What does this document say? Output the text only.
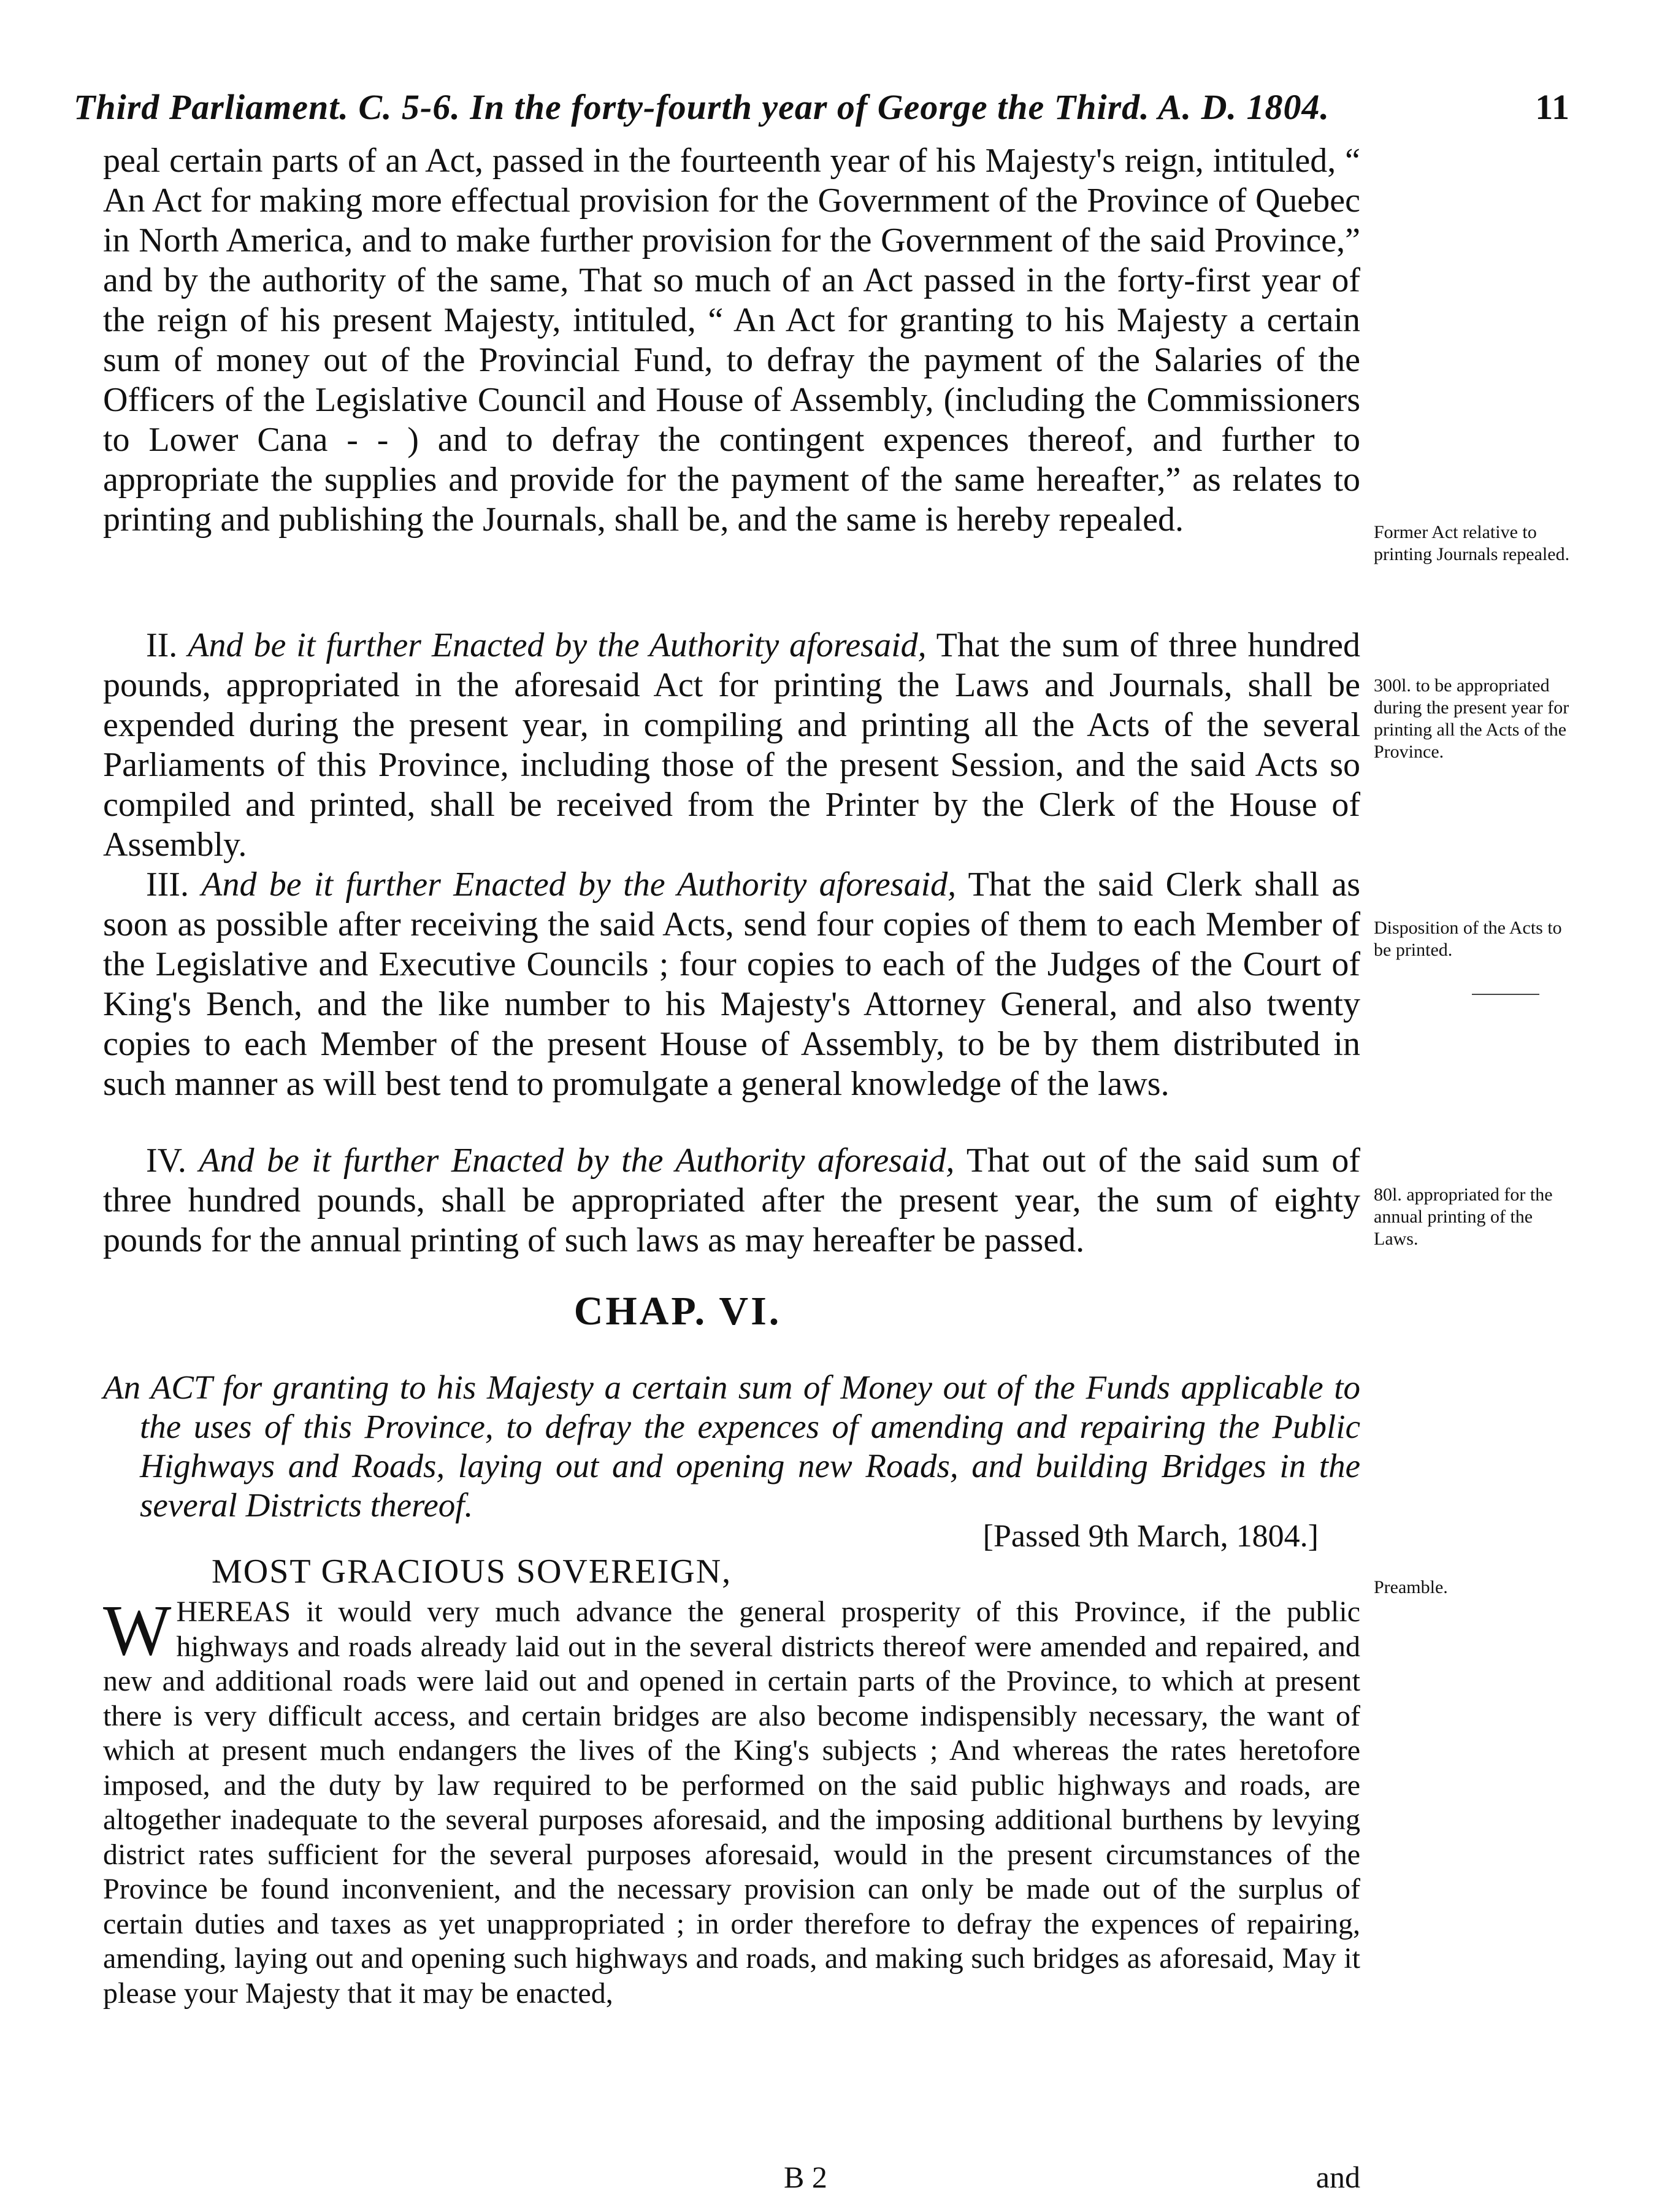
Third Parliament. C. 5-6. In the forty-fourth year of George the Third. A. D. 1804.	11
peal certain parts of an Act, passed in the fourteenth year of his Majesty's reign, intituled, “ An Act for making more effectual provision for the Government of the Province of Quebec in North America, and to make further provision for the Government of the said Province,” and by the authority of the same, That so much of an Act passed in the forty-first year of the reign of his present Majesty, intituled, “ An Act for granting to his Majesty a certain sum of money out of the Provincial Fund, to defray the payment of the Salaries of the Officers of the Legislative Council and House of Assembly, (including the Commissioners to Lower Cana - - ) and to defray the contingent expences thereof, and further to appropriate the supplies and provide for the payment of the same hereafter,” as relates to printing and publishing the Journals, shall be, and the same is hereby repealed.
II. And be it further Enacted by the Authority aforesaid, That the sum of three hundred pounds, appropriated in the aforesaid Act for printing the Laws and Journals, shall be expended during the present year, in compiling and printing all the Acts of the several Parliaments of this Province, including those of the present Session, and the said Acts so compiled and printed, shall be received from the Printer by the Clerk of the House of Assembly.
III. And be it further Enacted by the Authority aforesaid, That the said Clerk shall as soon as possible after receiving the said Acts, send four copies of them to each Member of the Legislative and Executive Councils ; four copies to each of the Judges of the Court of King's Bench, and the like number to his Majesty's Attorney General, and also twenty copies to each Member of the present House of Assembly, to be by them distributed in such manner as will best tend to promulgate a general knowledge of the laws.
IV. And be it further Enacted by the Authority aforesaid, That out of the said sum of three hundred pounds, shall be appropriated after the present year, the sum of eighty pounds for the annual printing of such laws as may hereafter be passed.
CHAP. VI.
An ACT for granting to his Majesty a certain sum of Money out of the Funds applicable to the uses of this Province, to defray the expences of amending and repairing the Public Highways and Roads, laying out and opening new Roads, and building Bridges in the several Districts thereof.
[Passed 9th March, 1804.]
MOST GRACIOUS SOVEREIGN,
WHEREAS it would very much advance the general prosperity of this Province, if the public highways and roads already laid out in the several districts thereof were amended and repaired, and new and additional roads were laid out and opened in certain parts of the Province, to which at present there is very difficult access, and certain bridges are also become indispensibly necessary, the want of which at present much endangers the lives of the King's subjects ; And whereas the rates heretofore imposed, and the duty by law required to be performed on the said public highways and roads, are altogether inadequate to the several purposes aforesaid, and the imposing additional burthens by levying district rates sufficient for the several purposes aforesaid, would in the present circumstances of the Province be found inconvenient, and the necessary provision can only be made out of the surplus of certain duties and taxes as yet unappropriated ; in order therefore to defray the expences of repairing, amending, laying out and opening such highways and roads, and making such bridges as aforesaid, May it please your Majesty that it may be enacted,
B 2	and
Former Act relative to printing Journals repealed.
300l. to be appropriated during the present year for printing all the Acts of the Province.
Disposition of the Acts to be printed.
80l. appropriated for the annual printing of the Laws.
Preamble.
